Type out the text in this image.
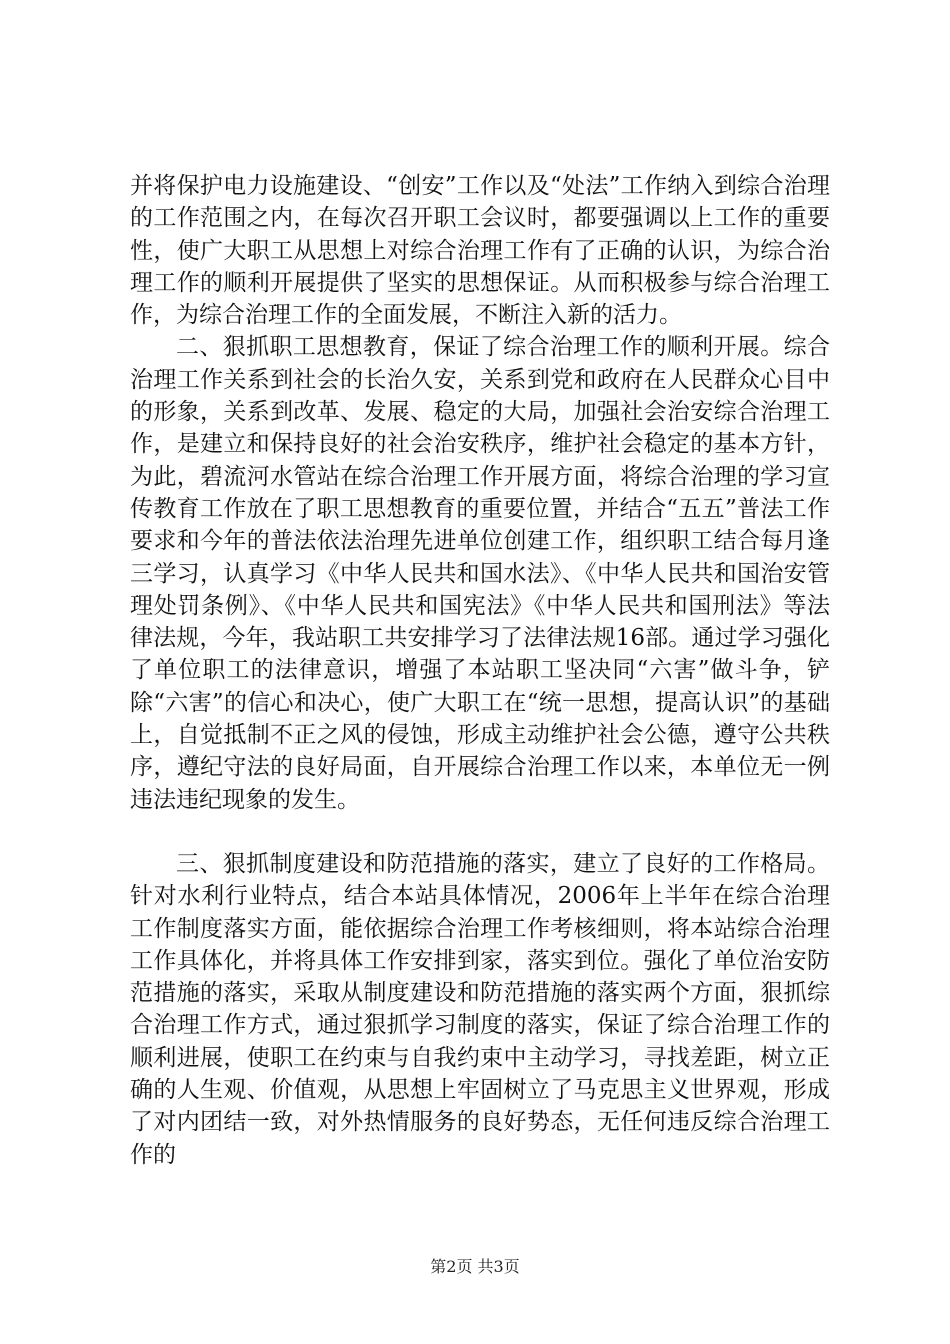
并将保护电力设施建设、“创安”工作以及“处法”工作纳入到综合治理的工作范围之内，在每次召开职工会议时，都要强调以上工作的重要性，使广大职工从思想上对综合治理工作有了正确的认识，为综合治理工作的顺利开展提供了坚实的思想保证。从而积极参与综合治理工作，为综合治理工作的全面发展，不断注入新的活力。

二、狠抓职工思想教育，保证了综合治理工作的顺利开展。综合治理工作关系到社会的长治久安，关系到党和政府在人民群众心目中的形象，关系到改革、发展、稳定的大局，加强社会治安综合治理工作，是建立和保持良好的社会治安秩序，维护社会稳定的基本方针，为此，碧流河水管站在综合治理工作开展方面，将综合治理的学习宣传教育工作放在了职工思想教育的重要位置，并结合“五五”普法工作要求和今年的普法依法治理先进单位创建工作，组织职工结合每月逢三学习，认真学习《中华人民共和国水法》、《中华人民共和国治安管理处罚条例》、《中华人民共和国宪法》《中华人民共和国刑法》等法律法规，今年，我站职工共安排学习了法律法规16部。通过学习强化了单位职工的法律意识，增强了本站职工坚决同“六害”做斗争，铲除“六害”的信心和决心，使广大职工在“统一思想，提高认识”的基础上，自觉抵制不正之风的侵蚀，形成主动维护社会公德，遵守公共秩序，遵纪守法的良好局面，自开展综合治理工作以来，本单位无一例违法违纪现象的发生。

三、狠抓制度建设和防范措施的落实，建立了良好的工作格局。针对水利行业特点，结合本站具体情况，2006年上半年在综合治理工作制度落实方面，能依据综合治理工作考核细则，将本站综合治理工作具体化，并将具体工作安排到家，落实到位。强化了单位治安防范措施的落实，采取从制度建设和防范措施的落实两个方面，狠抓综合治理工作方式，通过狠抓学习制度的落实，保证了综合治理工作的顺利进展，使职工在约束与自我约束中主动学习，寻找差距，树立正确的人生观、价值观，从思想上牢固树立了马克思主义世界观，形成了对内团结一致，对外热情服务的良好势态，无任何违反综合治理工作的

第2页 共3页
